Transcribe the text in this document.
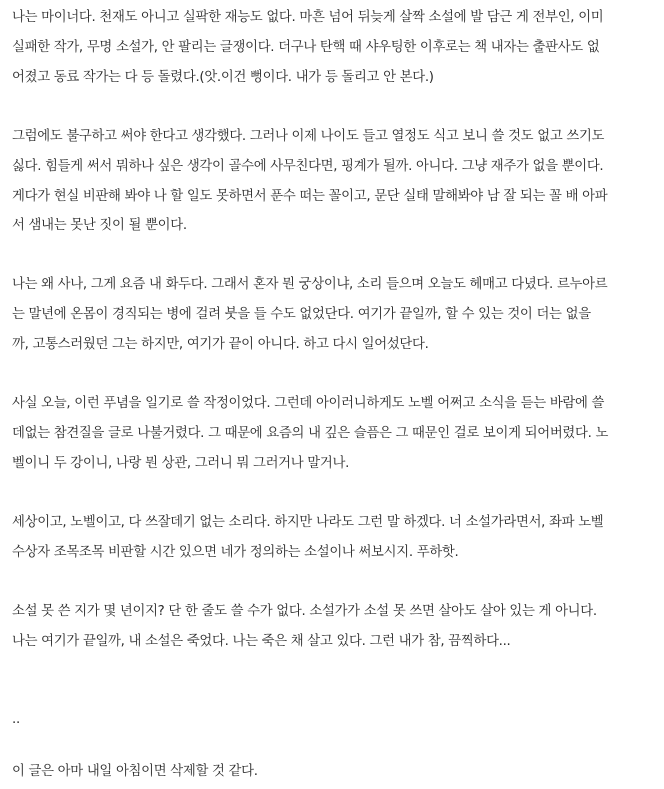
나는 마이너다. 천재도 아니고 실팍한 재능도 없다. 마흔 넘어 뒤늦게 살짝 소설에 발 담근 게 전부인, 이미
실패한 작가, 무명 소설가, 안 팔리는 글쟁이다. 더구나 탄핵 때 샤우팅한 이후로는 책 내자는 출판사도 없
어졌고 동료 작가는 다 등 돌렸다.(앗.이건 뻥이다. 내가 등 돌리고 안 본다.)
그럼에도 불구하고 써야 한다고 생각했다. 그러나 이제 나이도 들고 열정도 식고 보니 쓸 것도 없고 쓰기도
싫다. 힘들게 써서 뭐하나 싶은 생각이 골수에 사무친다면, 핑계가 될까. 아니다. 그냥 재주가 없을 뿐이다.
게다가 현실 비판해 봐야 나 할 일도 못하면서 푼수 떠는 꼴이고, 문단 실태 말해봐야 남 잘 되는 꼴 배 아파
서 샘내는 못난 짓이 될 뿐이다.
나는 왜 사나, 그게 요즘 내 화두다. 그래서 혼자 뭔 궁상이냐, 소리 들으며 오늘도 헤매고 다녔다. 르누아르
는 말년에 온몸이 경직되는 병에 걸려 붓을 들 수도 없었단다. 여기가 끝일까, 할 수 있는 것이 더는 없을
까, 고통스러웠던 그는 하지만, 여기가 끝이 아니다. 하고 다시 일어섰단다.
사실 오늘, 이런 푸념을 일기로 쓸 작정이었다. 그런데 아이러니하게도 노벨 어쩌고 소식을 듣는 바람에 쓸
데없는 참견질을 글로 나불거렸다. 그 때문에 요즘의 내 깊은 슬픔은 그 때문인 걸로 보이게 되어버렸다. 노
벨이니 두 강이니, 나랑 뭔 상관, 그러니 뭐 그러거나 말거나.
세상이고, 노벨이고, 다 쓰잘데기 없는 소리다. 하지만 나라도 그런 말 하겠다. 너 소설가라면서, 좌파 노벨
수상자 조목조목 비판할 시간 있으면 네가 정의하는 소설이나 써보시지. 푸하핫.
소설 못 쓴 지가 몇 년이지? 단 한 줄도 쓸 수가 없다. 소설가가 소설 못 쓰면 살아도 살아 있는 게 아니다.
나는 여기가 끝일까, 내 소설은 죽었다. 나는 죽은 채 살고 있다. 그런 내가 참, 끔찍하다...
..
이 글은 아마 내일 아침이면 삭제할 것 같다.
